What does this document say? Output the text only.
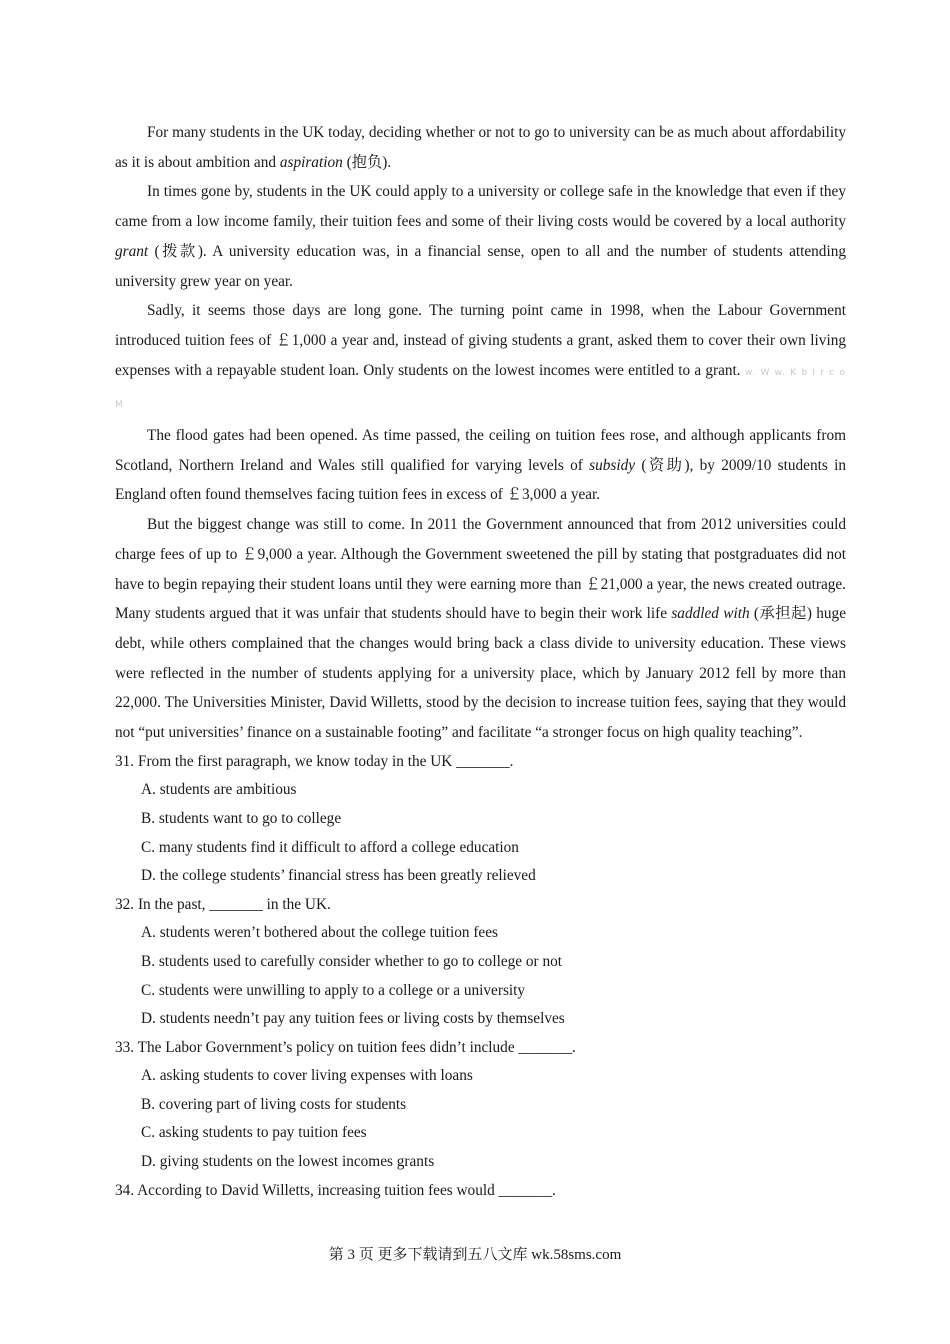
For many students in the UK today, deciding whether or not to go to university can be as much about affordability as it is about ambition and aspiration (抱负).

In times gone by, students in the UK could apply to a university or college safe in the knowledge that even if they came from a low income family, their tuition fees and some of their living costs would be covered by a local authority grant (拨款). A university education was, in a financial sense, open to all and the number of students attending university grew year on year.

Sadly, it seems those days are long gone. The turning point came in 1998, when the Labour Government introduced tuition fees of ￡1,000 a year and, instead of giving students a grant, asked them to cover their own living expenses with a repayable student loan. Only students on the lowest incomes were entitled to a grant. w. W w. K b I r c o M

The flood gates had been opened. As time passed, the ceiling on tuition fees rose, and although applicants from Scotland, Northern Ireland and Wales still qualified for varying levels of subsidy (资助), by 2009/10 students in England often found themselves facing tuition fees in excess of ￡3,000 a year.

But the biggest change was still to come. In 2011 the Government announced that from 2012 universities could charge fees of up to ￡9,000 a year. Although the Government sweetened the pill by stating that postgraduates did not have to begin repaying their student loans until they were earning more than ￡21,000 a year, the news created outrage. Many students argued that it was unfair that students should have to begin their work life saddled with (承担起) huge debt, while others complained that the changes would bring back a class divide to university education. These views were reflected in the number of students applying for a university place, which by January 2012 fell by more than 22,000. The Universities Minister, David Willetts, stood by the decision to increase tuition fees, saying that they would not “put universities’ finance on a sustainable footing” and facilitate “a stronger focus on high quality teaching”.

31. From the first paragraph, we know today in the UK _______.

A. students are ambitious

B. students want to go to college

C. many students find it difficult to afford a college education

D. the college students’ financial stress has been greatly relieved

32. In the past, _______ in the UK.

A. students weren’t bothered about the college tuition fees

B. students used to carefully consider whether to go to college or not

C. students were unwilling to apply to a college or a university

D. students needn’t pay any tuition fees or living costs by themselves

33. The Labor Government’s policy on tuition fees didn’t include _______.

A. asking students to cover living expenses with loans

B. covering part of living costs for students

C. asking students to pay tuition fees

D. giving students on the lowest incomes grants

34. According to David Willetts, increasing tuition fees would _______.

第 3 页 更多下载请到五八文库 wk.58sms.com
